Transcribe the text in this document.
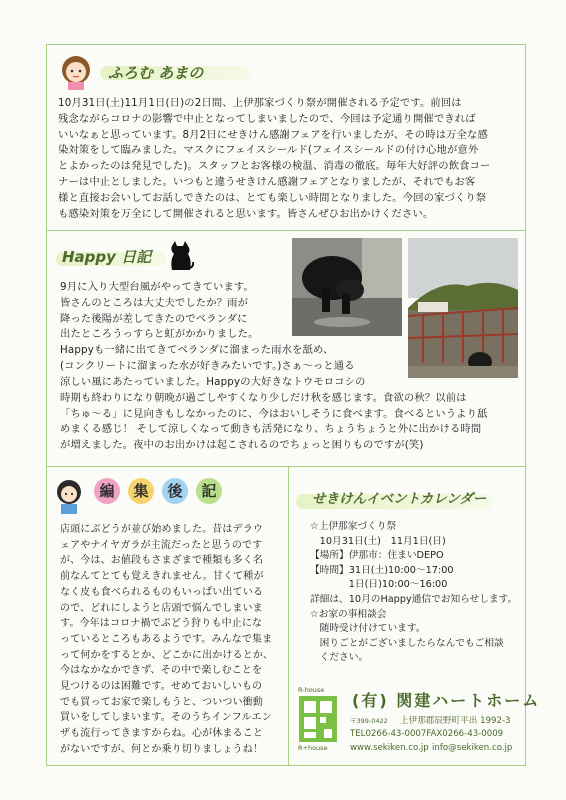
ふろむ あまの
10月31日(土)11月1日(日)の2日間、上伊那家づくり祭が開催される予定です。前回は
残念ながらコロナの影響で中止となってしまいましたので、今回は予定通り開催できれば
いいなぁと思っています。8月2日にせきけん感謝フェアを行いましたが、その時は万全な感
染対策をして臨みました。マスクにフェイスシールド(フェイスシールドの付け心地が意外
とよかったのは発見でした)。スタッフとお客様の検温、消毒の徹底。毎年大好評の飲食コー
ナーは中止としました。いつもと違うせきけん感謝フェアとなりましたが、それでもお客
様と直接お会いしてお話しできたのは、とても楽しい時間となりました。今回の家づくり祭
も感染対策を万全にして開催されると思います。皆さんぜひお出かけください。
Happy 日記
9月に入り大型台風がやってきています。
皆さんのところは大丈夫でしたか？雨が
降った後陽が差してきたのでベランダに
出たところうっすらと虹がかかりました。
Happyも一緒に出てきてベランダに溜まった雨水を舐め、
(コンクリートに溜まった水が好きみたいです。)さぁ～っと通る
涼しい風にあたっていました。Happyの大好きなトウモロコシの
時期も終わりになり朝晩が過ごしやすくなり少しだけ秋を感じます。食欲の秋？以前は
「ちゅ～る」に見向きもしなかったのに、今はおいしそうに食べます。食べるというより舐
めまくる感じ！ そして涼しくなって動きも活発になり、ちょうちょうと外に出かける時間
が増えました。夜中のお出かけは起こされるのでちょっと困りものですが(笑)
編	集	後	記
店頭にぶどうが並び始めました。昔はデラウ
ェアやナイヤガラが主流だったと思うのです
が、今は、お値段もさまざまで種類も多く名
前なんてとても覚えきれません。甘くて種が
なく皮も食べられるものもいっぱい出ている
ので、どれにしようと店頭で悩んでしまいま
す。今年はコロナ禍でぶどう狩りも中止にな
っているところもあるようです。みんなで集ま
って何かをするとか、どこかに出かけるとか、
今はなかなかできず、その中で楽しむことを
見つけるのは困難です。せめておいしいもの
でも買ってお家で楽しもうと、ついつい衝動
買いをしてしまいます。そのうちインフルエン
ザも流行ってきますからね。心が休まること
がないですが、何とか乗り切りましょうね！
せきけんイベントカレンダー
☆上伊那家づくり祭
　10月31日(土)　11月1日(日)
【場所】伊那市：住まいDEPO
【時間】31日(土)10:00～17:00
　　　　1日(日)10:00～16:00
詳細は、10月のHappy通信でお知らせします。
☆お家の事相談会
　随時受け付けています。
　困りごとがございましたらなんでもご相談
　ください。
R-house
R+house
(有) 関建ハートホーム
〒399-0422 上伊那郡辰野町平出 1992-3
TEL0266-43-0007FAX0266-43-0009
www.sekiken.co.jp info@sekiken.co.jp
